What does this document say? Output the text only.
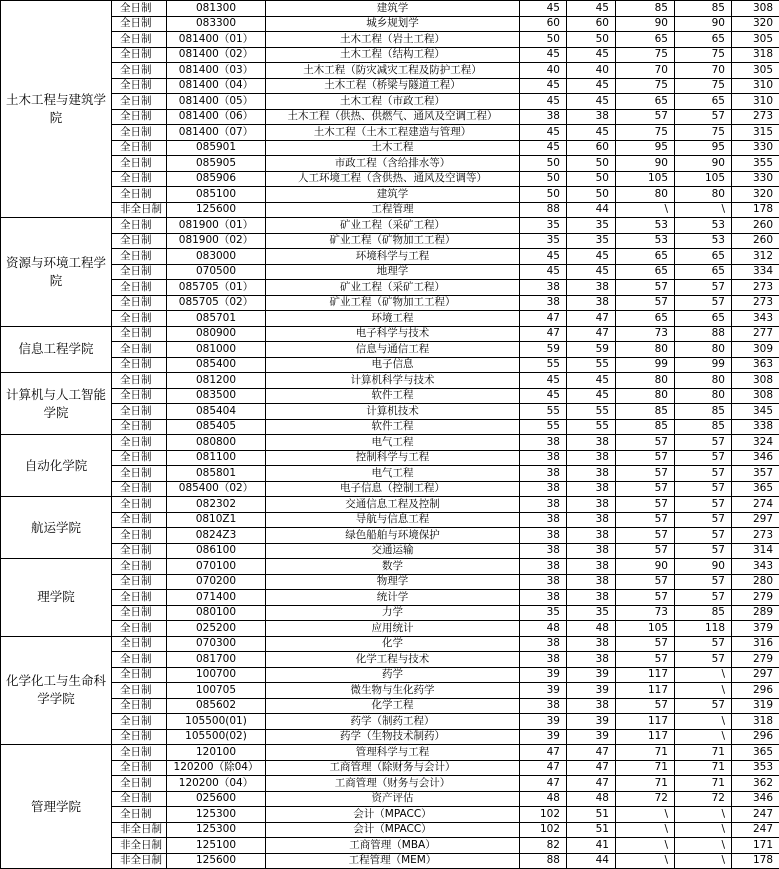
土木工程与建筑学院	全日制	081300	建筑学	45	45	85	85	308
	全日制	083300	城乡规划学	60	60	90	90	320
	全日制	081400（01）	土木工程（岩土工程）	50	50	65	65	305
	全日制	081400（02）	土木工程（结构工程）	45	45	75	75	318
	全日制	081400（03）	土木工程（防灾减灾工程及防护工程）	40	40	70	70	305
	全日制	081400（04）	土木工程（桥梁与隧道工程）	45	45	75	75	310
	全日制	081400（05）	土木工程（市政工程）	45	45	65	65	310
	全日制	081400（06）	土木工程（供热、供燃气、通风及空调工程）	38	38	57	57	273
	全日制	081400（07）	土木工程（土木工程建造与管理）	45	45	75	75	315
	全日制	085901	土木工程	45	60	95	95	330
	全日制	085905	市政工程（含给排水等）	50	50	90	90	355
	全日制	085906	人工环境工程（含供热、通风及空调等）	50	50	105	105	330
	全日制	085100	建筑学	50	50	80	80	320
	非全日制	125600	工程管理	88	44	\	\	178
资源与环境工程学院	全日制	081900（01）	矿业工程（采矿工程）	35	35	53	53	260
	全日制	081900（02）	矿业工程（矿物加工工程）	35	35	53	53	260
	全日制	083000	环境科学与工程	45	45	65	65	312
	全日制	070500	地理学	45	45	65	65	334
	全日制	085705（01）	矿业工程（采矿工程）	38	38	57	57	273
	全日制	085705（02）	矿业工程（矿物加工工程）	38	38	57	57	273
	全日制	085701	环境工程	47	47	65	65	343
信息工程学院	全日制	080900	电子科学与技术	47	47	73	88	277
	全日制	081000	信息与通信工程	59	59	80	80	309
	全日制	085400	电子信息	55	55	99	99	363
计算机与人工智能学院	全日制	081200	计算机科学与技术	45	45	80	80	308
	全日制	083500	软件工程	45	45	80	80	308
	全日制	085404	计算机技术	55	55	85	85	345
	全日制	085405	软件工程	55	55	85	85	338
自动化学院	全日制	080800	电气工程	38	38	57	57	324
	全日制	081100	控制科学与工程	38	38	57	57	346
	全日制	085801	电气工程	38	38	57	57	357
	全日制	085400（02）	电子信息（控制工程）	38	38	57	57	365
航运学院	全日制	082302	交通信息工程及控制	38	38	57	57	274
	全日制	0810Z1	导航与信息工程	38	38	57	57	297
	全日制	0824Z3	绿色船舶与环境保护	38	38	57	57	273
	全日制	086100	交通运输	38	38	57	57	314
理学院	全日制	070100	数学	38	38	90	90	343
	全日制	070200	物理学	38	38	57	57	280
	全日制	071400	统计学	38	38	57	57	279
	全日制	080100	力学	35	35	73	85	289
	全日制	025200	应用统计	48	48	105	118	379
化学化工与生命科学学院	全日制	070300	化学	38	38	57	57	316
	全日制	081700	化学工程与技术	38	38	57	57	279
	全日制	100700	药学	39	39	117	\	297
	全日制	100705	微生物与生化药学	39	39	117	\	296
	全日制	085602	化学工程	38	38	57	57	319
	全日制	105500(01)	药学（制药工程）	39	39	117	\	318
	全日制	105500(02)	药学（生物技术制药）	39	39	117	\	296
管理学院	全日制	120100	管理科学与工程	47	47	71	71	365
	全日制	120200（除04）	工商管理（除财务与会计）	47	47	71	71	353
	全日制	120200（04）	工商管理（财务与会计）	47	47	71	71	362
	全日制	025600	资产评估	48	48	72	72	346
	全日制	125300	会计（MPACC）	102	51	\	\	247
	非全日制	125300	会计（MPACC）	102	51	\	\	247
	非全日制	125100	工商管理（MBA）	82	41	\	\	171
	非全日制	125600	工程管理（MEM）	88	44	\	\	178
